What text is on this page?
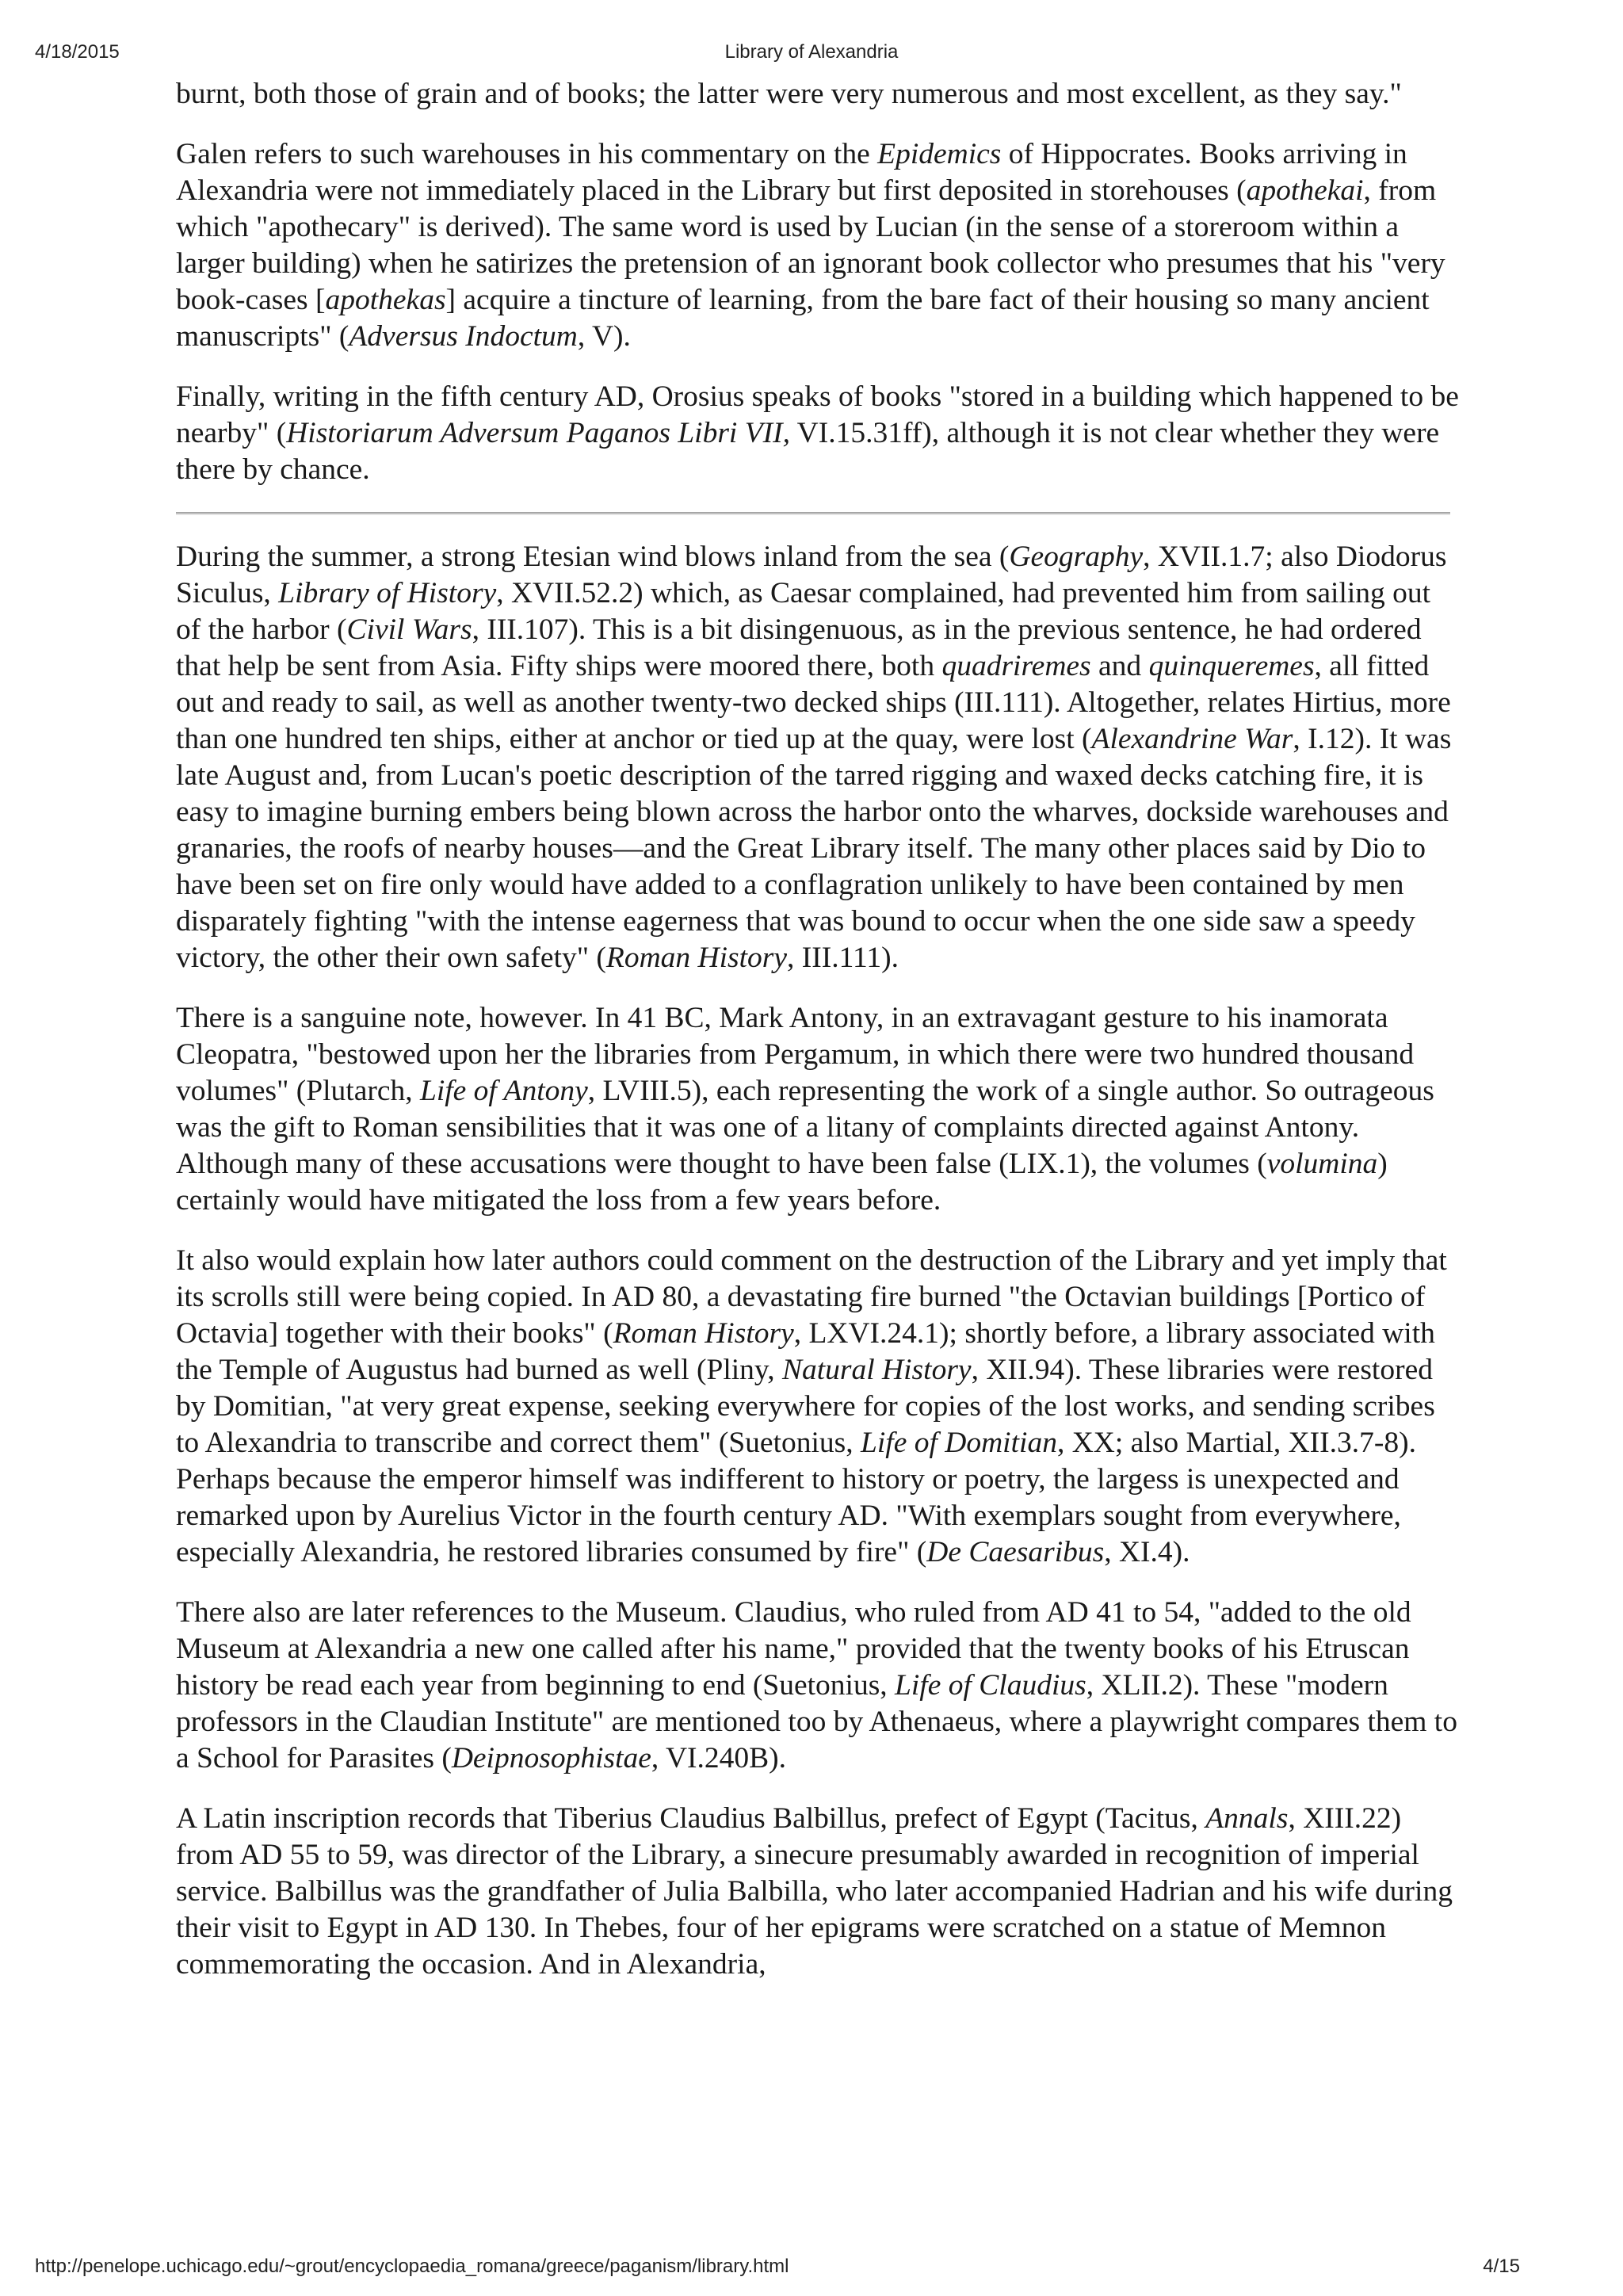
4/18/2015	Library of Alexandria

burnt, both those of grain and of books; the latter were very numerous and most excellent, as they say."

Galen refers to such warehouses in his commentary on the Epidemics of Hippocrates. Books arriving in Alexandria were not immediately placed in the Library but first deposited in storehouses (apothekai, from which "apothecary" is derived). The same word is used by Lucian (in the sense of a storeroom within a larger building) when he satirizes the pretension of an ignorant book collector who presumes that his "very book-cases [apothekas] acquire a tincture of learning, from the bare fact of their housing so many ancient manuscripts" (Adversus Indoctum, V).

Finally, writing in the fifth century AD, Orosius speaks of books "stored in a building which happened to be nearby" (Historiarum Adversum Paganos Libri VII, VI.15.31ff), although it is not clear whether they were there by chance.

During the summer, a strong Etesian wind blows inland from the sea (Geography, XVII.1.7; also Diodorus Siculus, Library of History, XVII.52.2) which, as Caesar complained, had prevented him from sailing out of the harbor (Civil Wars, III.107). This is a bit disingenuous, as in the previous sentence, he had ordered that help be sent from Asia. Fifty ships were moored there, both quadriremes and quinqueremes, all fitted out and ready to sail, as well as another twenty-two decked ships (III.111). Altogether, relates Hirtius, more than one hundred ten ships, either at anchor or tied up at the quay, were lost (Alexandrine War, I.12). It was late August and, from Lucan's poetic description of the tarred rigging and waxed decks catching fire, it is easy to imagine burning embers being blown across the harbor onto the wharves, dockside warehouses and granaries, the roofs of nearby houses—and the Great Library itself. The many other places said by Dio to have been set on fire only would have added to a conflagration unlikely to have been contained by men disparately fighting "with the intense eagerness that was bound to occur when the one side saw a speedy victory, the other their own safety" (Roman History, III.111).

There is a sanguine note, however. In 41 BC, Mark Antony, in an extravagant gesture to his inamorata Cleopatra, "bestowed upon her the libraries from Pergamum, in which there were two hundred thousand volumes" (Plutarch, Life of Antony, LVIII.5), each representing the work of a single author. So outrageous was the gift to Roman sensibilities that it was one of a litany of complaints directed against Antony. Although many of these accusations were thought to have been false (LIX.1), the volumes (volumina) certainly would have mitigated the loss from a few years before.

It also would explain how later authors could comment on the destruction of the Library and yet imply that its scrolls still were being copied. In AD 80, a devastating fire burned "the Octavian buildings [Portico of Octavia] together with their books" (Roman History, LXVI.24.1); shortly before, a library associated with the Temple of Augustus had burned as well (Pliny, Natural History, XII.94). These libraries were restored by Domitian, "at very great expense, seeking everywhere for copies of the lost works, and sending scribes to Alexandria to transcribe and correct them" (Suetonius, Life of Domitian, XX; also Martial, XII.3.7-8). Perhaps because the emperor himself was indifferent to history or poetry, the largess is unexpected and remarked upon by Aurelius Victor in the fourth century AD. "With exemplars sought from everywhere, especially Alexandria, he restored libraries consumed by fire" (De Caesaribus, XI.4).

There also are later references to the Museum. Claudius, who ruled from AD 41 to 54, "added to the old Museum at Alexandria a new one called after his name," provided that the twenty books of his Etruscan history be read each year from beginning to end (Suetonius, Life of Claudius, XLII.2). These "modern professors in the Claudian Institute" are mentioned too by Athenaeus, where a playwright compares them to a School for Parasites (Deipnosophistae, VI.240B).

A Latin inscription records that Tiberius Claudius Balbillus, prefect of Egypt (Tacitus, Annals, XIII.22) from AD 55 to 59, was director of the Library, a sinecure presumably awarded in recognition of imperial service. Balbillus was the grandfather of Julia Balbilla, who later accompanied Hadrian and his wife during their visit to Egypt in AD 130. In Thebes, four of her epigrams were scratched on a statue of Memnon commemorating the occasion. And in Alexandria,

http://penelope.uchicago.edu/~grout/encyclopaedia_romana/greece/paganism/library.html	4/15
